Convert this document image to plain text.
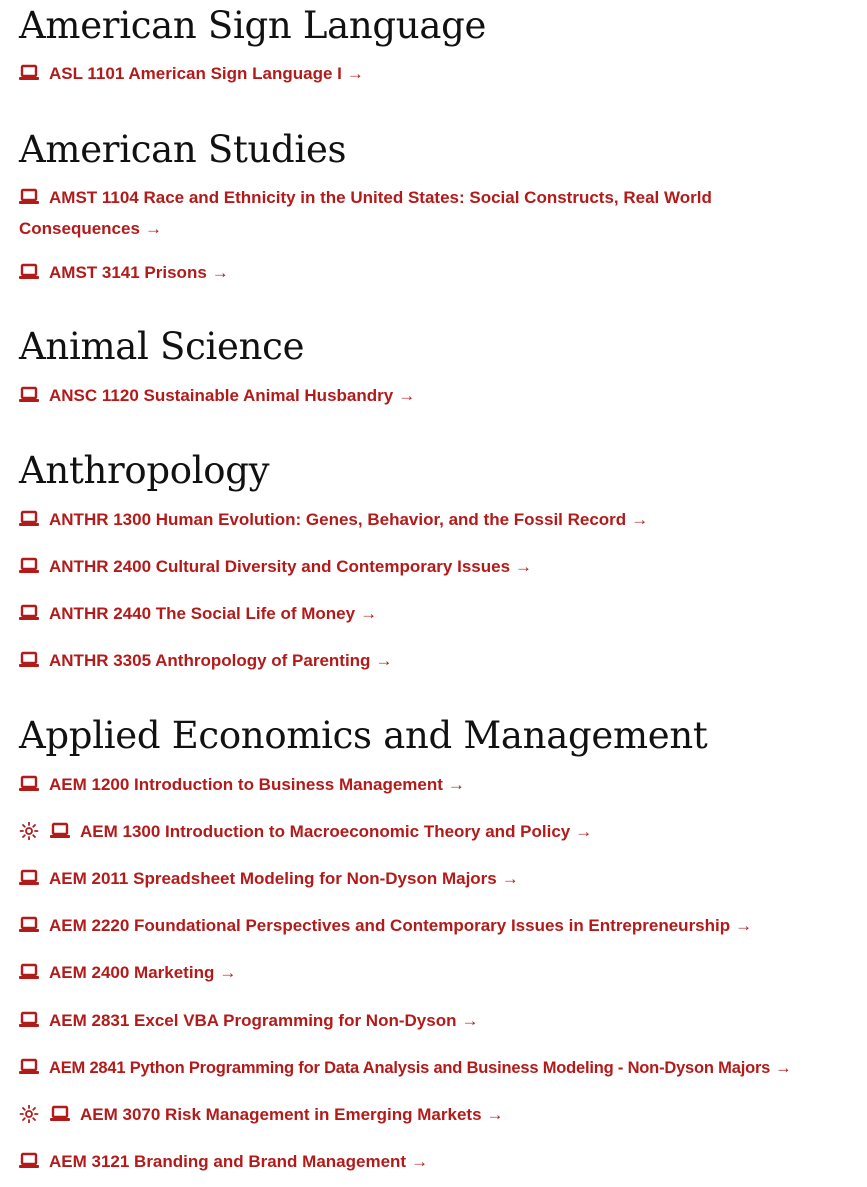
American Sign Language
ASL 1101 American Sign Language I →
American Studies
AMST 1104 Race and Ethnicity in the United States: Social Constructs, Real World Consequences →
AMST 3141 Prisons →
Animal Science
ANSC 1120 Sustainable Animal Husbandry →
Anthropology
ANTHR 1300 Human Evolution: Genes, Behavior, and the Fossil Record →
ANTHR 2400 Cultural Diversity and Contemporary Issues →
ANTHR 2440 The Social Life of Money →
ANTHR 3305 Anthropology of Parenting →
Applied Economics and Management
AEM 1200 Introduction to Business Management →
AEM 1300 Introduction to Macroeconomic Theory and Policy →
AEM 2011 Spreadsheet Modeling for Non-Dyson Majors →
AEM 2220 Foundational Perspectives and Contemporary Issues in Entrepreneurship →
AEM 2400 Marketing →
AEM 2831 Excel VBA Programming for Non-Dyson →
AEM 2841 Python Programming for Data Analysis and Business Modeling - Non-Dyson Majors →
AEM 3070 Risk Management in Emerging Markets →
AEM 3121 Branding and Brand Management →
